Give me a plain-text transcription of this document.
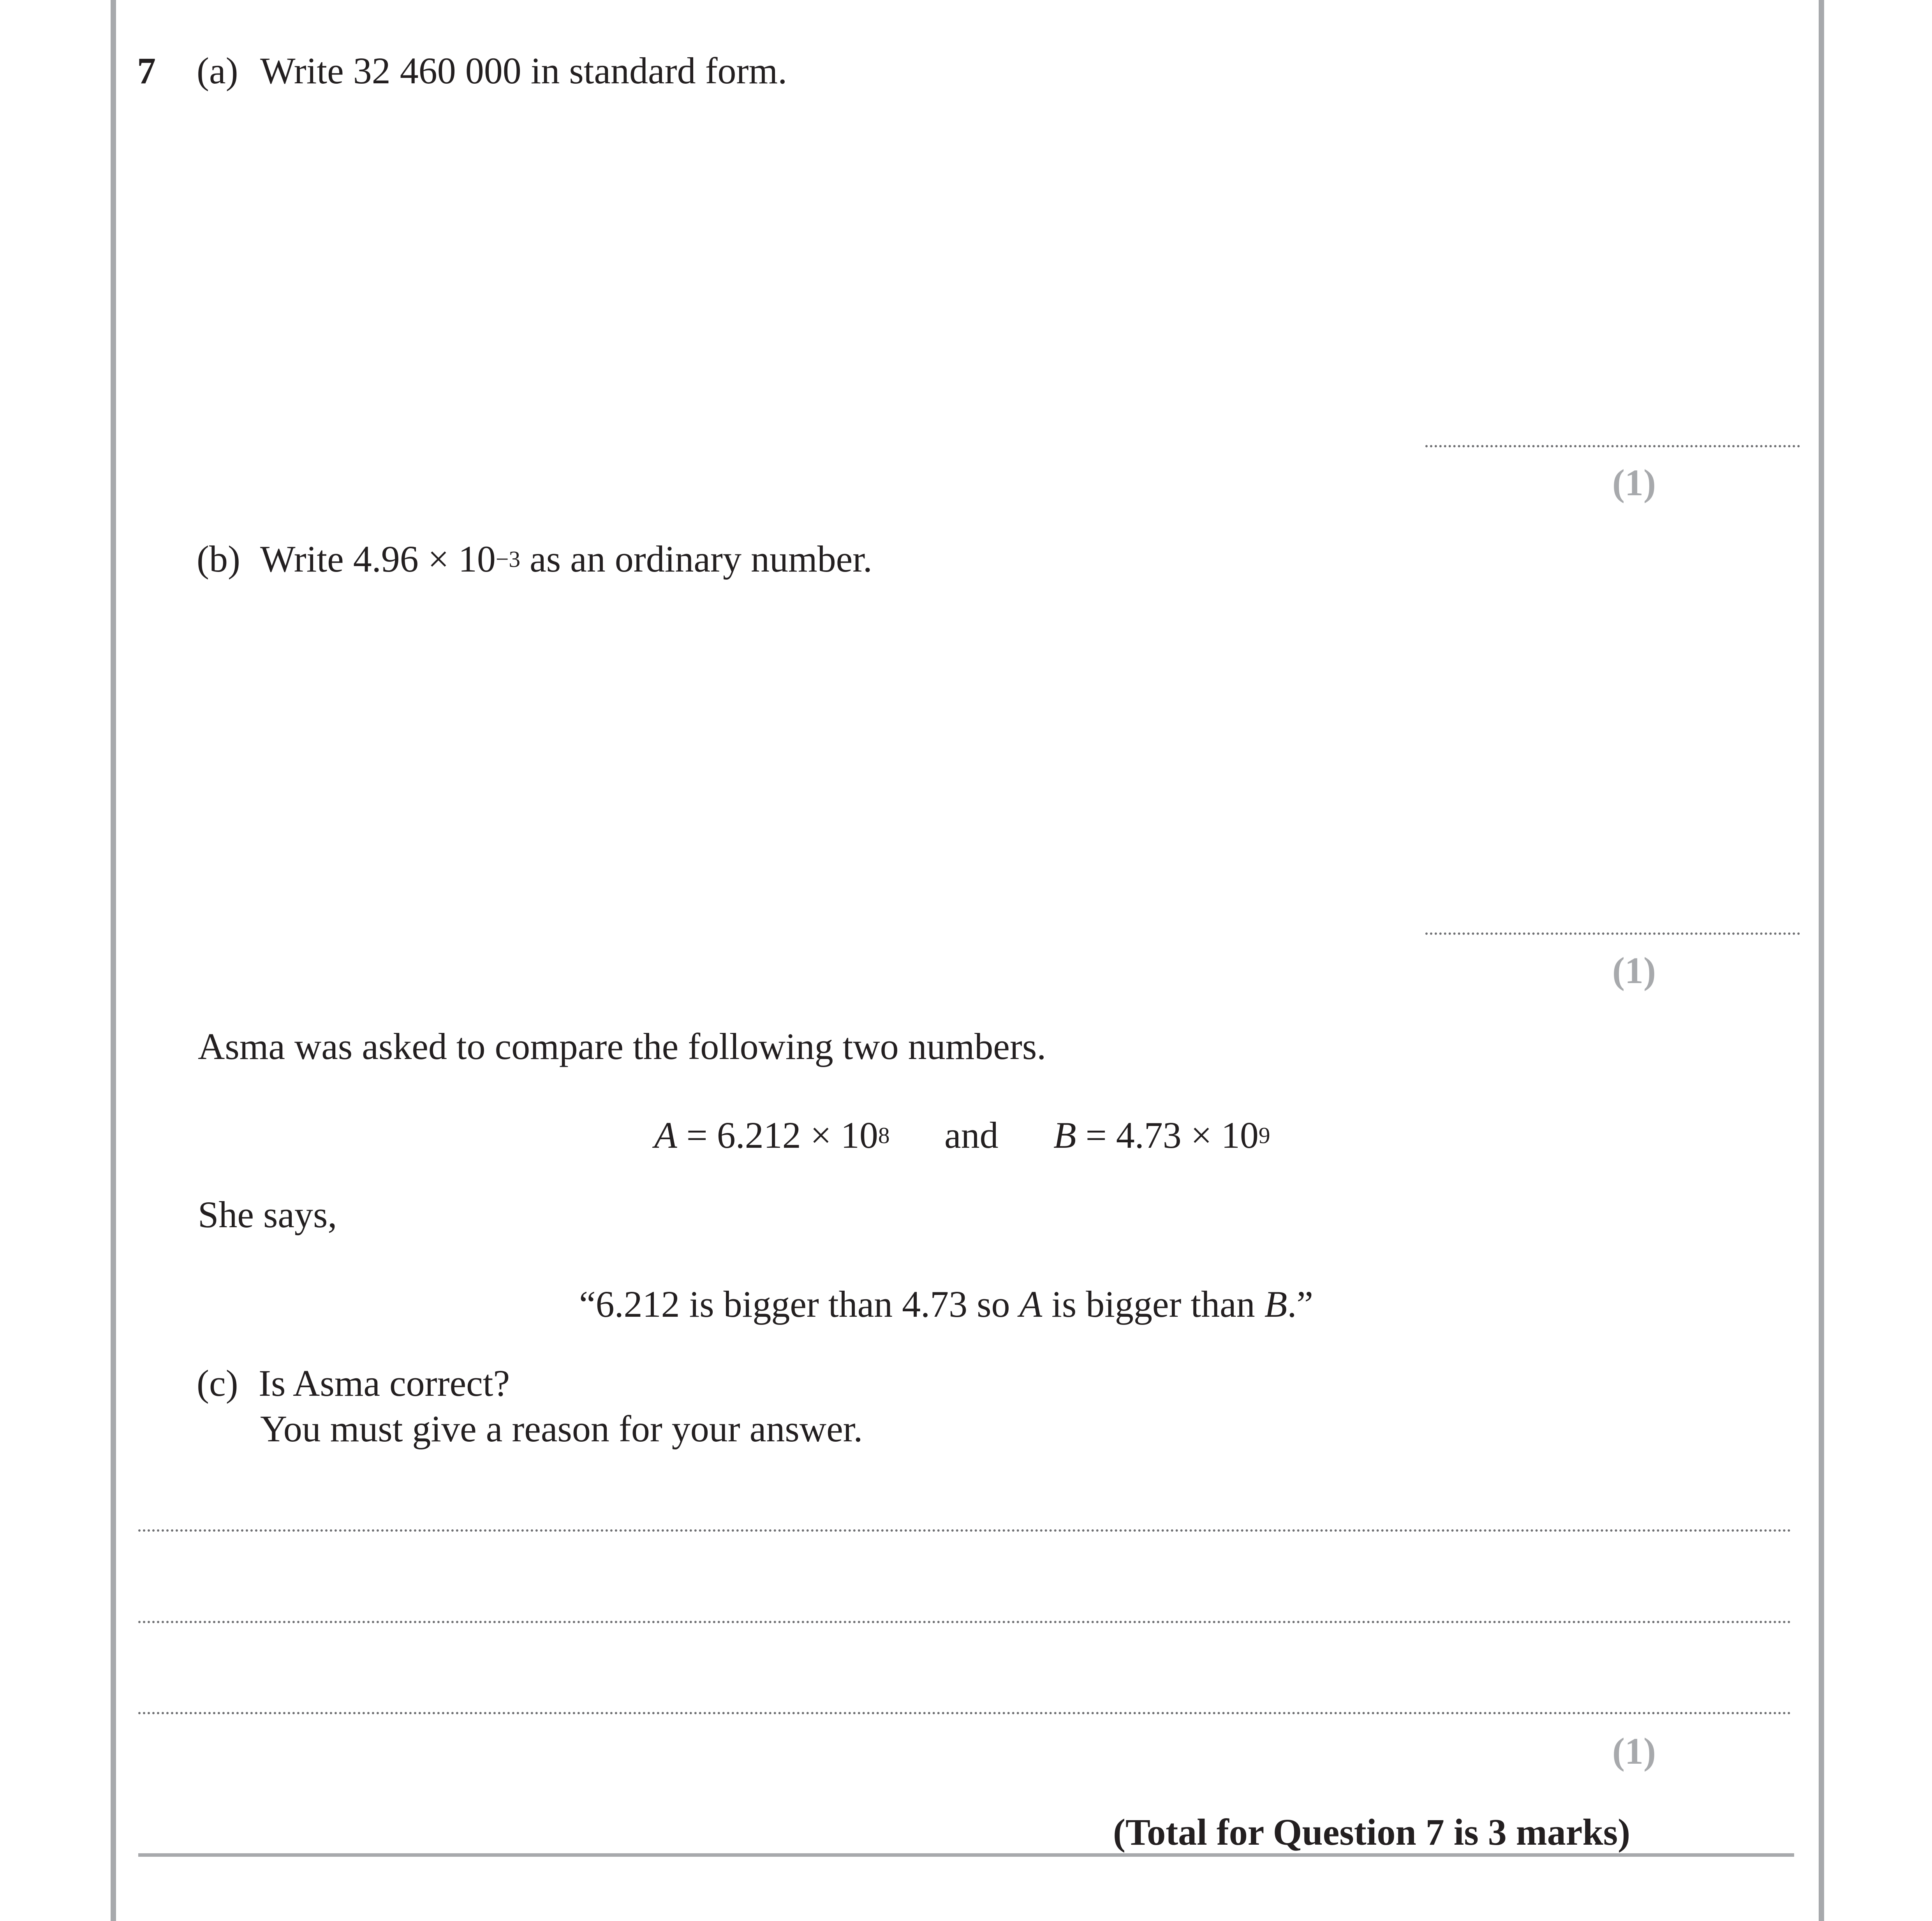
7 (a) Write 32 460 000 in standard form.
(1)
(b) Write $4.96 \times 10^{-3}$ as an ordinary number.
(1)
Asma was asked to compare the following two numbers.
$A = 6.212 \times 10^8$ and $B = 4.73 \times 10^9$
She says,
“6.212 is bigger than 4.73 so A is bigger than B.”
(c) Is Asma correct?
You must give a reason for your answer.
(1)
(Total for Question 7 is 3 marks)
